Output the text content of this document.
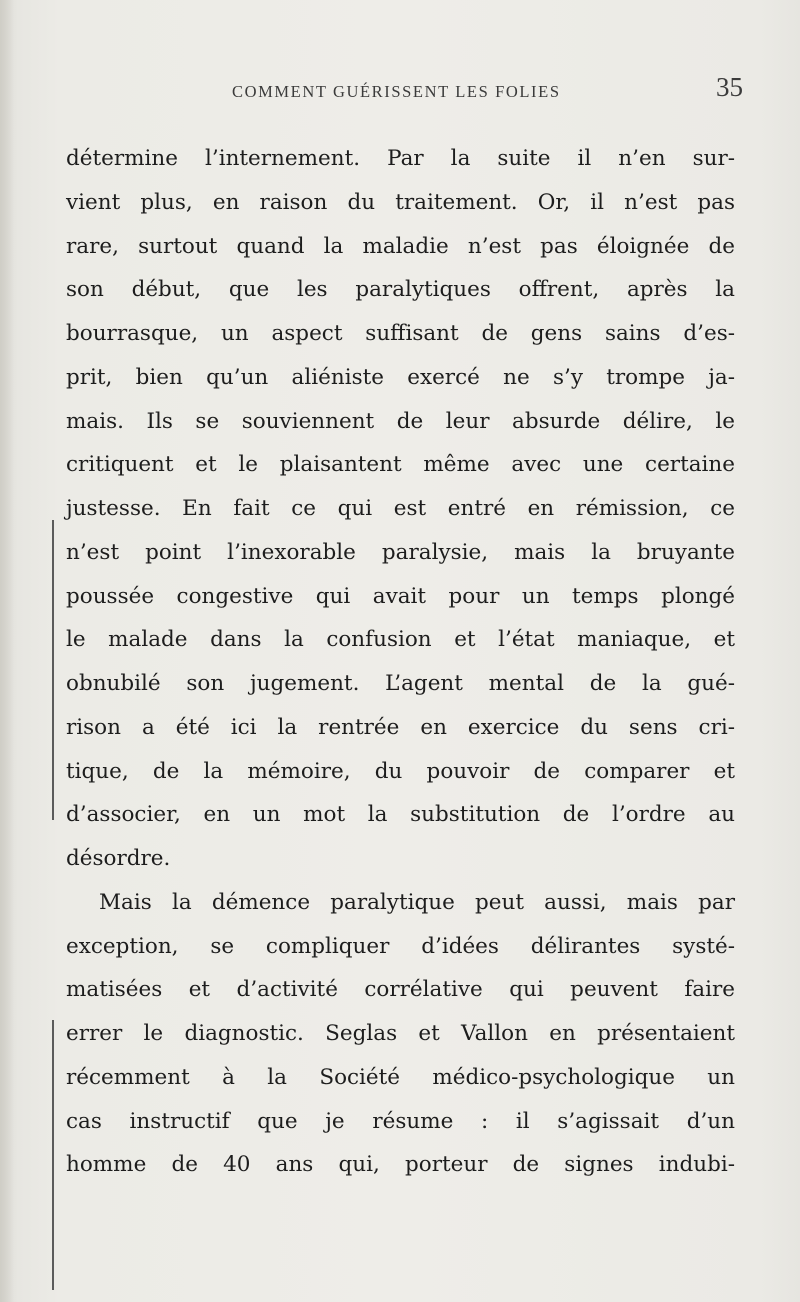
COMMENT GUÉRISSENT LES FOLIES	35
détermine l’internement. Par la suite il n’en sur-
vient plus, en raison du traitement. Or, il n’est pas
rare, surtout quand la maladie n’est pas éloignée de
son début, que les paralytiques offrent, après la
bourrasque, un aspect suffisant de gens sains d’es-
prit, bien qu’un aliéniste exercé ne s’y trompe ja-
mais. Ils se souviennent de leur absurde délire, le
critiquent et le plaisantent même avec une certaine
justesse. En fait ce qui est entré en rémission, ce
n’est point l’inexorable paralysie, mais la bruyante
poussée congestive qui avait pour un temps plongé
le malade dans la confusion et l’état maniaque, et
obnubilé son jugement. L’agent mental de la gué-
rison a été ici la rentrée en exercice du sens cri-
tique, de la mémoire, du pouvoir de comparer et
d’associer, en un mot la substitution de l’ordre au
désordre.
Mais la démence paralytique peut aussi, mais par
exception, se compliquer d’idées délirantes systé-
matisées et d’activité corrélative qui peuvent faire
errer le diagnostic. Seglas et Vallon en présentaient
récemment à la Société médico-psychologique un
cas instructif que je résume : il s’agissait d’un
homme de 40 ans qui, porteur de signes indubi-
